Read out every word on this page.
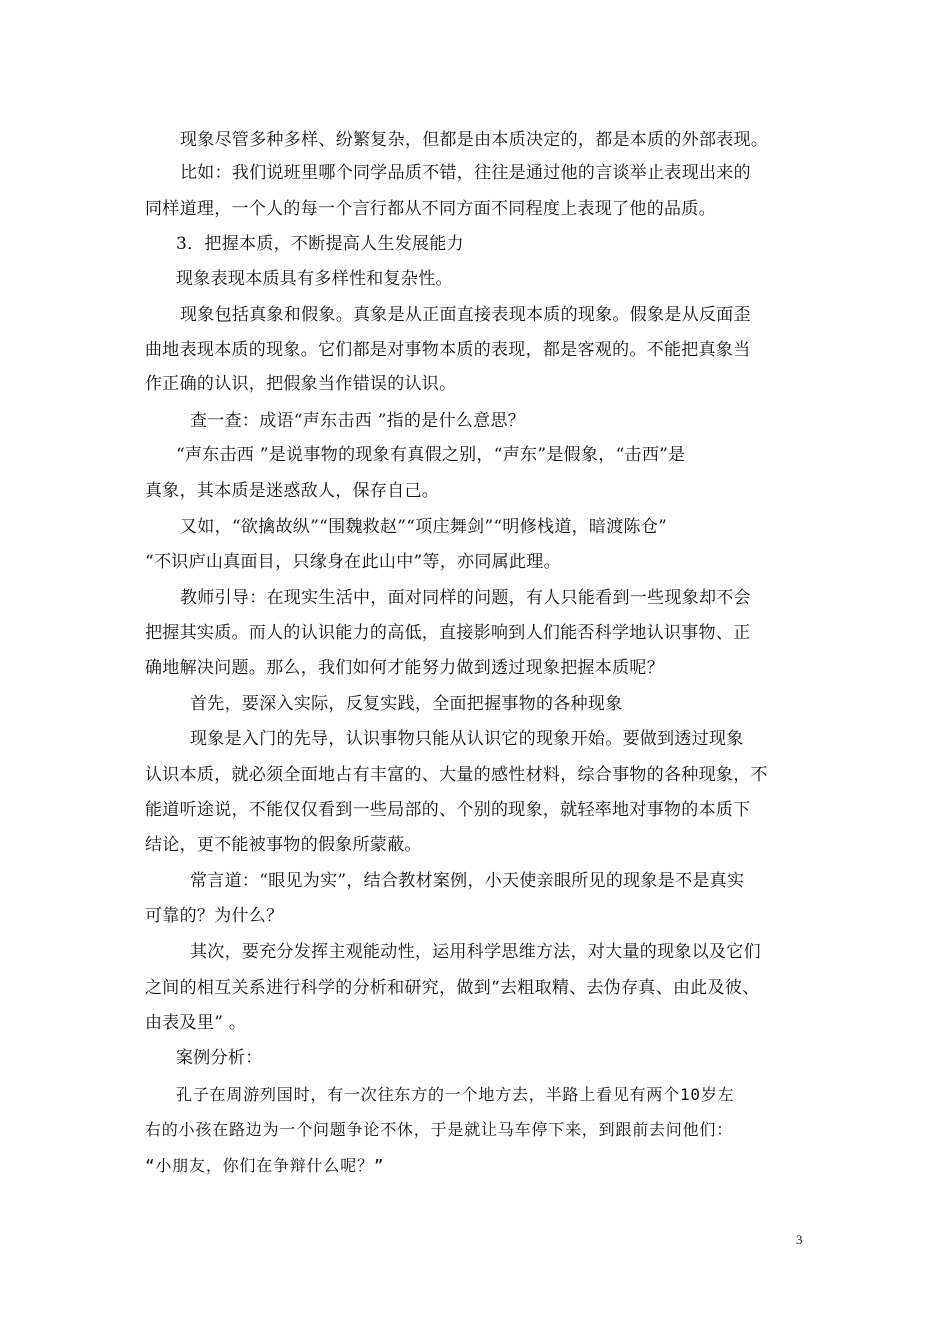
现象尽管多种多样、纷繁复杂，但都是由本质决定的，都是本质的外部表现。
比如：我们说班里哪个同学品质不错，往往是通过他的言谈举止表现出来的
同样道理，一个人的每一个言行都从不同方面不同程度上表现了他的品质。
3．把握本质，不断提高人生发展能力
现象表现本质具有多样性和复杂性。
现象包括真象和假象。真象是从正面直接表现本质的现象。假象是从反面歪
曲地表现本质的现象。它们都是对事物本质的表现，都是客观的。不能把真象当
作正确的认识，把假象当作错误的认识。
查一查：成语“声东击西 ”指的是什么意思？
“声东击西 ”是说事物的现象有真假之别，“声东”是假象，“击西”是
真象，其本质是迷惑敌人，保存自己。
又如，“欲擒故纵”“围魏救赵”“项庄舞剑”“明修栈道，暗渡陈仓”
“不识庐山真面目，只缘身在此山中”等，亦同属此理。
教师引导：在现实生活中，面对同样的问题，有人只能看到一些现象却不会
把握其实质。而人的认识能力的高低，直接影响到人们能否科学地认识事物、正
确地解决问题。那么，我们如何才能努力做到透过现象把握本质呢？
首先，要深入实际，反复实践，全面把握事物的各种现象
现象是入门的先导，认识事物只能从认识它的现象开始。要做到透过现象
认识本质，就必须全面地占有丰富的、大量的感性材料，综合事物的各种现象，不
能道听途说，不能仅仅看到一些局部的、个别的现象，就轻率地对事物的本质下
结论，更不能被事物的假象所蒙蔽。
常言道：“眼见为实”，结合教材案例，小天使亲眼所见的现象是不是真实
可靠的？为什么？
其次，要充分发挥主观能动性，运用科学思维方法，对大量的现象以及它们
之间的相互关系进行科学的分析和研究，做到“去粗取精、去伪存真、由此及彼、
由表及里” 。
案例分析：
孔子在周游列国时，有一次往东方的一个地方去，半路上看见有两个10岁左
右的小孩在路边为一个问题争论不休，于是就让马车停下来，到跟前去问他们：
“小朋友，你们在争辩什么呢？”
3
